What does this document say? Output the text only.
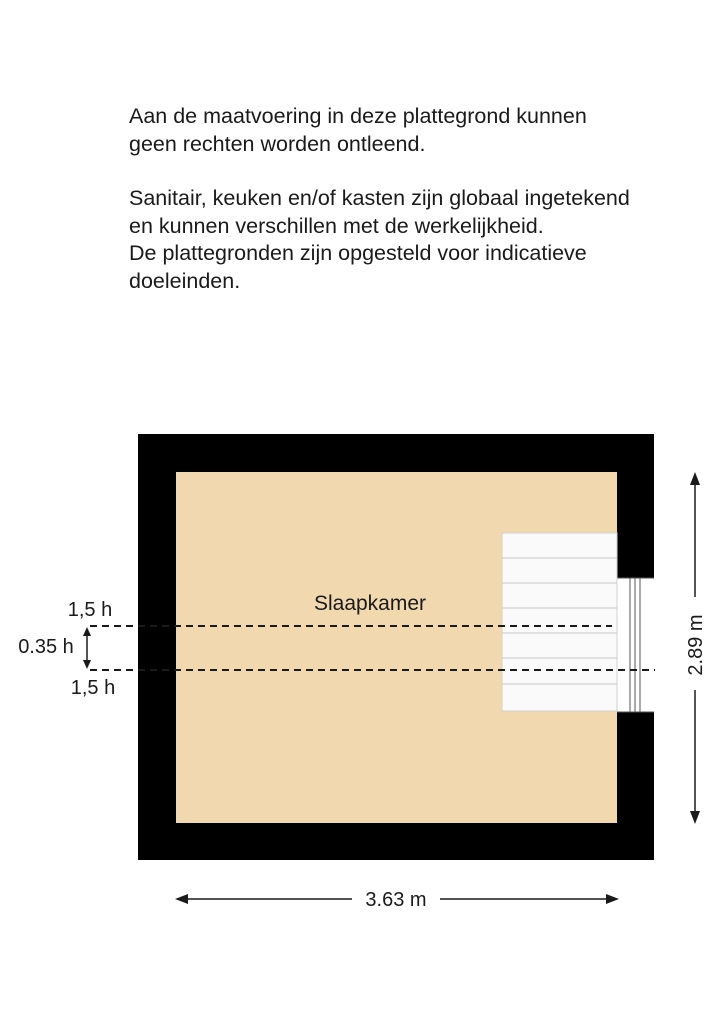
Aan de maatvoering in deze plattegrond kunnen
geen rechten worden ontleend.

Sanitair, keuken en/of kasten zijn globaal ingetekend
en kunnen verschillen met de werkelijkheid.
De plattegronden zijn opgesteld voor indicatieve
doeleinden.

Slaapkamer
1,5 h
0.35 h
1,5 h
3.63 m
2.89 m
